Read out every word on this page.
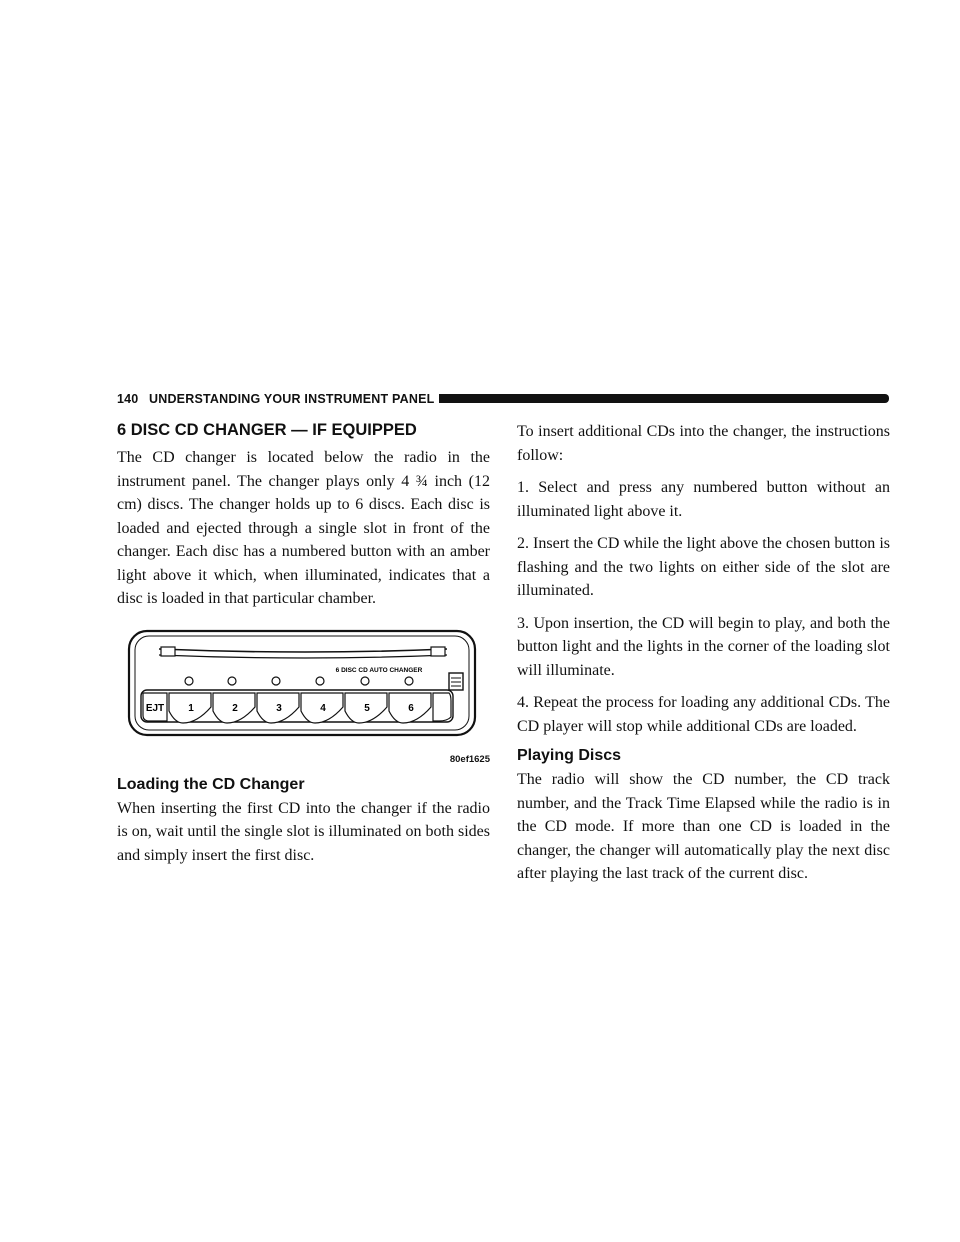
140 UNDERSTANDING YOUR INSTRUMENT PANEL
6 DISC CD CHANGER — IF EQUIPPED

The CD changer is located below the radio in the instrument panel. The changer plays only 4 ¾ inch (12 cm) discs. The changer holds up to 6 discs. Each disc is loaded and ejected through a single slot in front of the changer. Each disc has a numbered button with an amber light above it which, when illuminated, indicates that a disc is loaded in that particular chamber.

6 DISC CD AUTO CHANGER
EJT 1	2	3	4	5	6
80ef1625
Loading the CD Changer

When inserting the first CD into the changer if the radio is on, wait until the single slot is illuminated on both sides and simply insert the first disc.

To insert additional CDs into the changer, the instructions follow:

1. Select and press any numbered button without an illuminated light above it.

2. Insert the CD while the light above the chosen button is flashing and the two lights on either side of the slot are illuminated.

3. Upon insertion, the CD will begin to play, and both the button light and the lights in the corner of the loading slot will illuminate.

4. Repeat the process for loading any additional CDs. The CD player will stop while additional CDs are loaded.

Playing Discs

The radio will show the CD number, the CD track number, and the Track Time Elapsed while the radio is in the CD mode. If more than one CD is loaded in the changer, the changer will automatically play the next disc after playing the last track of the current disc.
